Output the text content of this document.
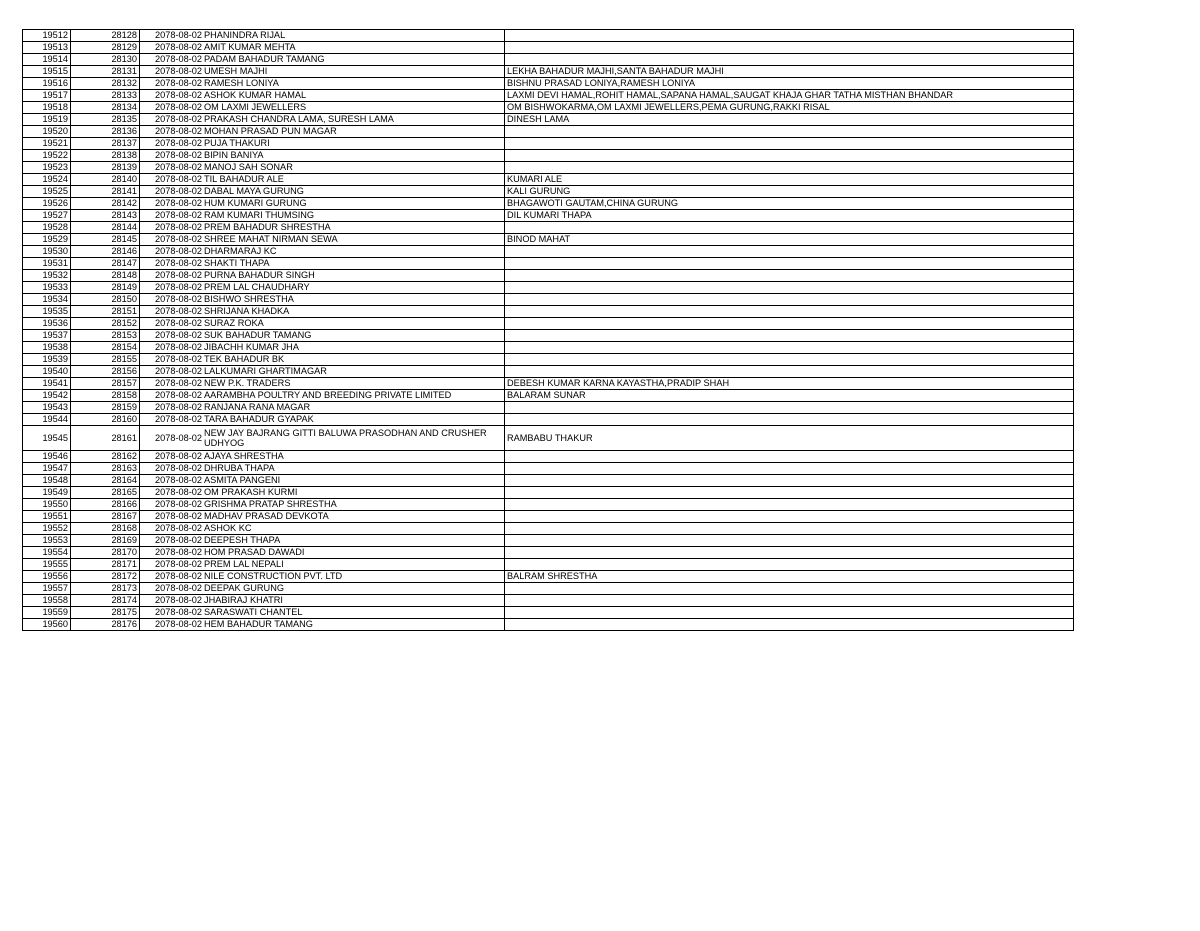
19512	28128	2078-08-02	PHANINDRA RIJAL	
19513	28129	2078-08-02	AMIT KUMAR MEHTA	
19514	28130	2078-08-02	PADAM BAHADUR TAMANG	
19515	28131	2078-08-02	UMESH MAJHI	LEKHA BAHADUR MAJHI,SANTA BAHADUR MAJHI
19516	28132	2078-08-02	RAMESH LONIYA	BISHNU PRASAD LONIYA,RAMESH LONIYA
19517	28133	2078-08-02	ASHOK KUMAR HAMAL	LAXMI DEVI HAMAL,ROHIT HAMAL,SAPANA HAMAL,SAUGAT KHAJA GHAR TATHA MISTHAN BHANDAR
19518	28134	2078-08-02	OM LAXMI JEWELLERS	OM BISHWOKARMA,OM LAXMI JEWELLERS,PEMA GURUNG,RAKKI RISAL
19519	28135	2078-08-02	PRAKASH CHANDRA LAMA, SURESH LAMA	DINESH LAMA
19520	28136	2078-08-02	MOHAN PRASAD PUN MAGAR	
19521	28137	2078-08-02	PUJA THAKURI	
19522	28138	2078-08-02	BIPIN BANIYA	
19523	28139	2078-08-02	MANOJ SAH SONAR	
19524	28140	2078-08-02	TIL BAHADUR ALE	KUMARI ALE
19525	28141	2078-08-02	DABAL MAYA GURUNG	KALI GURUNG
19526	28142	2078-08-02	HUM KUMARI GURUNG	BHAGAWOTI GAUTAM,CHINA GURUNG
19527	28143	2078-08-02	RAM KUMARI THUMSING	DIL KUMARI THAPA
19528	28144	2078-08-02	PREM BAHADUR SHRESTHA	
19529	28145	2078-08-02	SHREE MAHAT NIRMAN SEWA	BINOD MAHAT
19530	28146	2078-08-02	DHARMARAJ KC	
19531	28147	2078-08-02	SHAKTI THAPA	
19532	28148	2078-08-02	PURNA BAHADUR SINGH	
19533	28149	2078-08-02	PREM LAL CHAUDHARY	
19534	28150	2078-08-02	BISHWO SHRESTHA	
19535	28151	2078-08-02	SHRIJANA KHADKA	
19536	28152	2078-08-02	SURAZ ROKA	
19537	28153	2078-08-02	SUK BAHADUR TAMANG	
19538	28154	2078-08-02	JIBACHH KUMAR JHA	
19539	28155	2078-08-02	TEK BAHADUR BK	
19540	28156	2078-08-02	LALKUMARI GHARTIMAGAR	
19541	28157	2078-08-02	NEW P.K. TRADERS	DEBESH KUMAR KARNA KAYASTHA,PRADIP SHAH
19542	28158	2078-08-02	AARAMBHA POULTRY AND BREEDING PRIVATE LIMITED	BALARAM SUNAR
19543	28159	2078-08-02	RANJANA RANA MAGAR	
19544	28160	2078-08-02	TARA BAHADUR GYAPAK	
19545	28161	2078-08-02	NEW JAY BAJRANG GITTI BALUWA PRASODHAN AND CRUSHER UDHYOG	RAMBABU THAKUR
19546	28162	2078-08-02	AJAYA SHRESTHA	
19547	28163	2078-08-02	DHRUBA THAPA	
19548	28164	2078-08-02	ASMITA PANGENI	
19549	28165	2078-08-02	OM PRAKASH KURMI	
19550	28166	2078-08-02	GRISHMA PRATAP SHRESTHA	
19551	28167	2078-08-02	MADHAV PRASAD DEVKOTA	
19552	28168	2078-08-02	ASHOK KC	
19553	28169	2078-08-02	DEEPESH THAPA	
19554	28170	2078-08-02	HOM PRASAD DAWADI	
19555	28171	2078-08-02	PREM LAL NEPALI	
19556	28172	2078-08-02	NILE CONSTRUCTION PVT. LTD	BALRAM SHRESTHA
19557	28173	2078-08-02	DEEPAK GURUNG	
19558	28174	2078-08-02	JHABIRAJ KHATRI	
19559	28175	2078-08-02	SARASWATI CHANTEL	
19560	28176	2078-08-02	HEM BAHADUR TAMANG	
